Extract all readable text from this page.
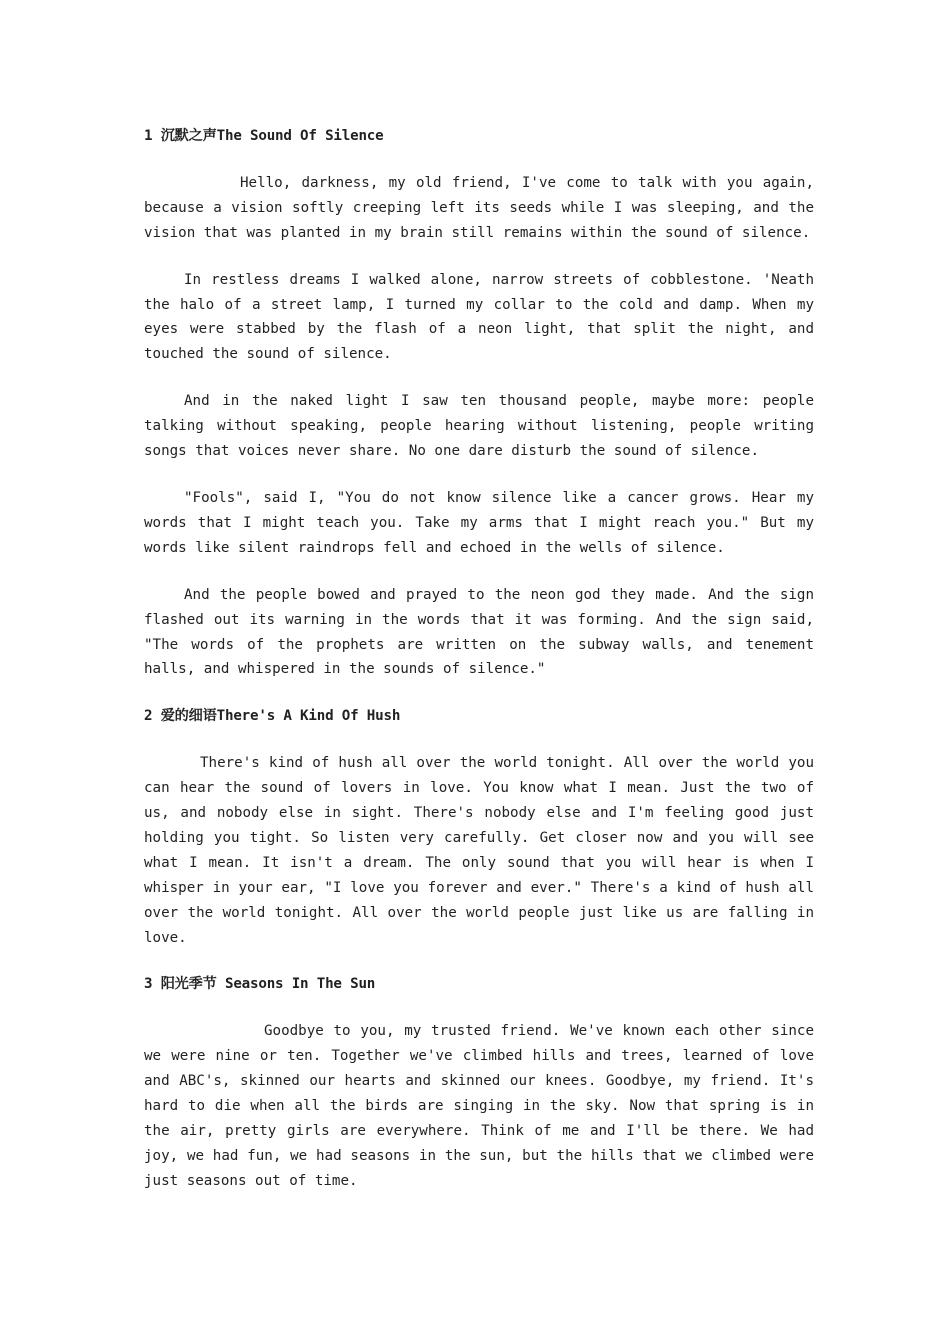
1 沉默之声The Sound Of Silence

Hello, darkness, my old friend, I've come to talk with you again, because a vision softly creeping left its seeds while I was sleeping, and the vision that was planted in my brain still remains within the sound of silence.

In restless dreams I walked alone, narrow streets of cobblestone. 'Neath the halo of a street lamp, I turned my collar to the cold and damp. When my eyes were stabbed by the flash of a neon light, that split the night, and touched the sound of silence.

And in the naked light I saw ten thousand people, maybe more: people talking without speaking, people hearing without listening, people writing songs that voices never share. No one dare disturb the sound of silence.

"Fools", said I, "You do not know silence like a cancer grows. Hear my words that I might teach you. Take my arms that I might reach you." But my words like silent raindrops fell and echoed in the wells of silence.

And the people bowed and prayed to the neon god they made. And the sign flashed out its warning in the words that it was forming. And the sign said, "The words of the prophets are written on the subway walls, and tenement halls, and whispered in the sounds of silence."

2 爱的细语There's A Kind Of Hush

There's kind of hush all over the world tonight. All over the world you can hear the sound of lovers in love. You know what I mean. Just the two of us, and nobody else in sight. There's nobody else and I'm feeling good just holding you tight. So listen very carefully. Get closer now and you will see what I mean. It isn't a dream. The only sound that you will hear is when I whisper in your ear, "I love you forever and ever." There's a kind of hush all over the world tonight. All over the world people just like us are falling in love.

3 阳光季节 Seasons In The Sun

Goodbye to you, my trusted friend. We've known each other since we were nine or ten. Together we've climbed hills and trees, learned of love and ABC's, skinned our hearts and skinned our knees. Goodbye, my friend. It's hard to die when all the birds are singing in the sky. Now that spring is in the air, pretty girls are everywhere. Think of me and I'll be there. We had joy, we had fun, we had seasons in the sun, but the hills that we climbed were just seasons out of time.
